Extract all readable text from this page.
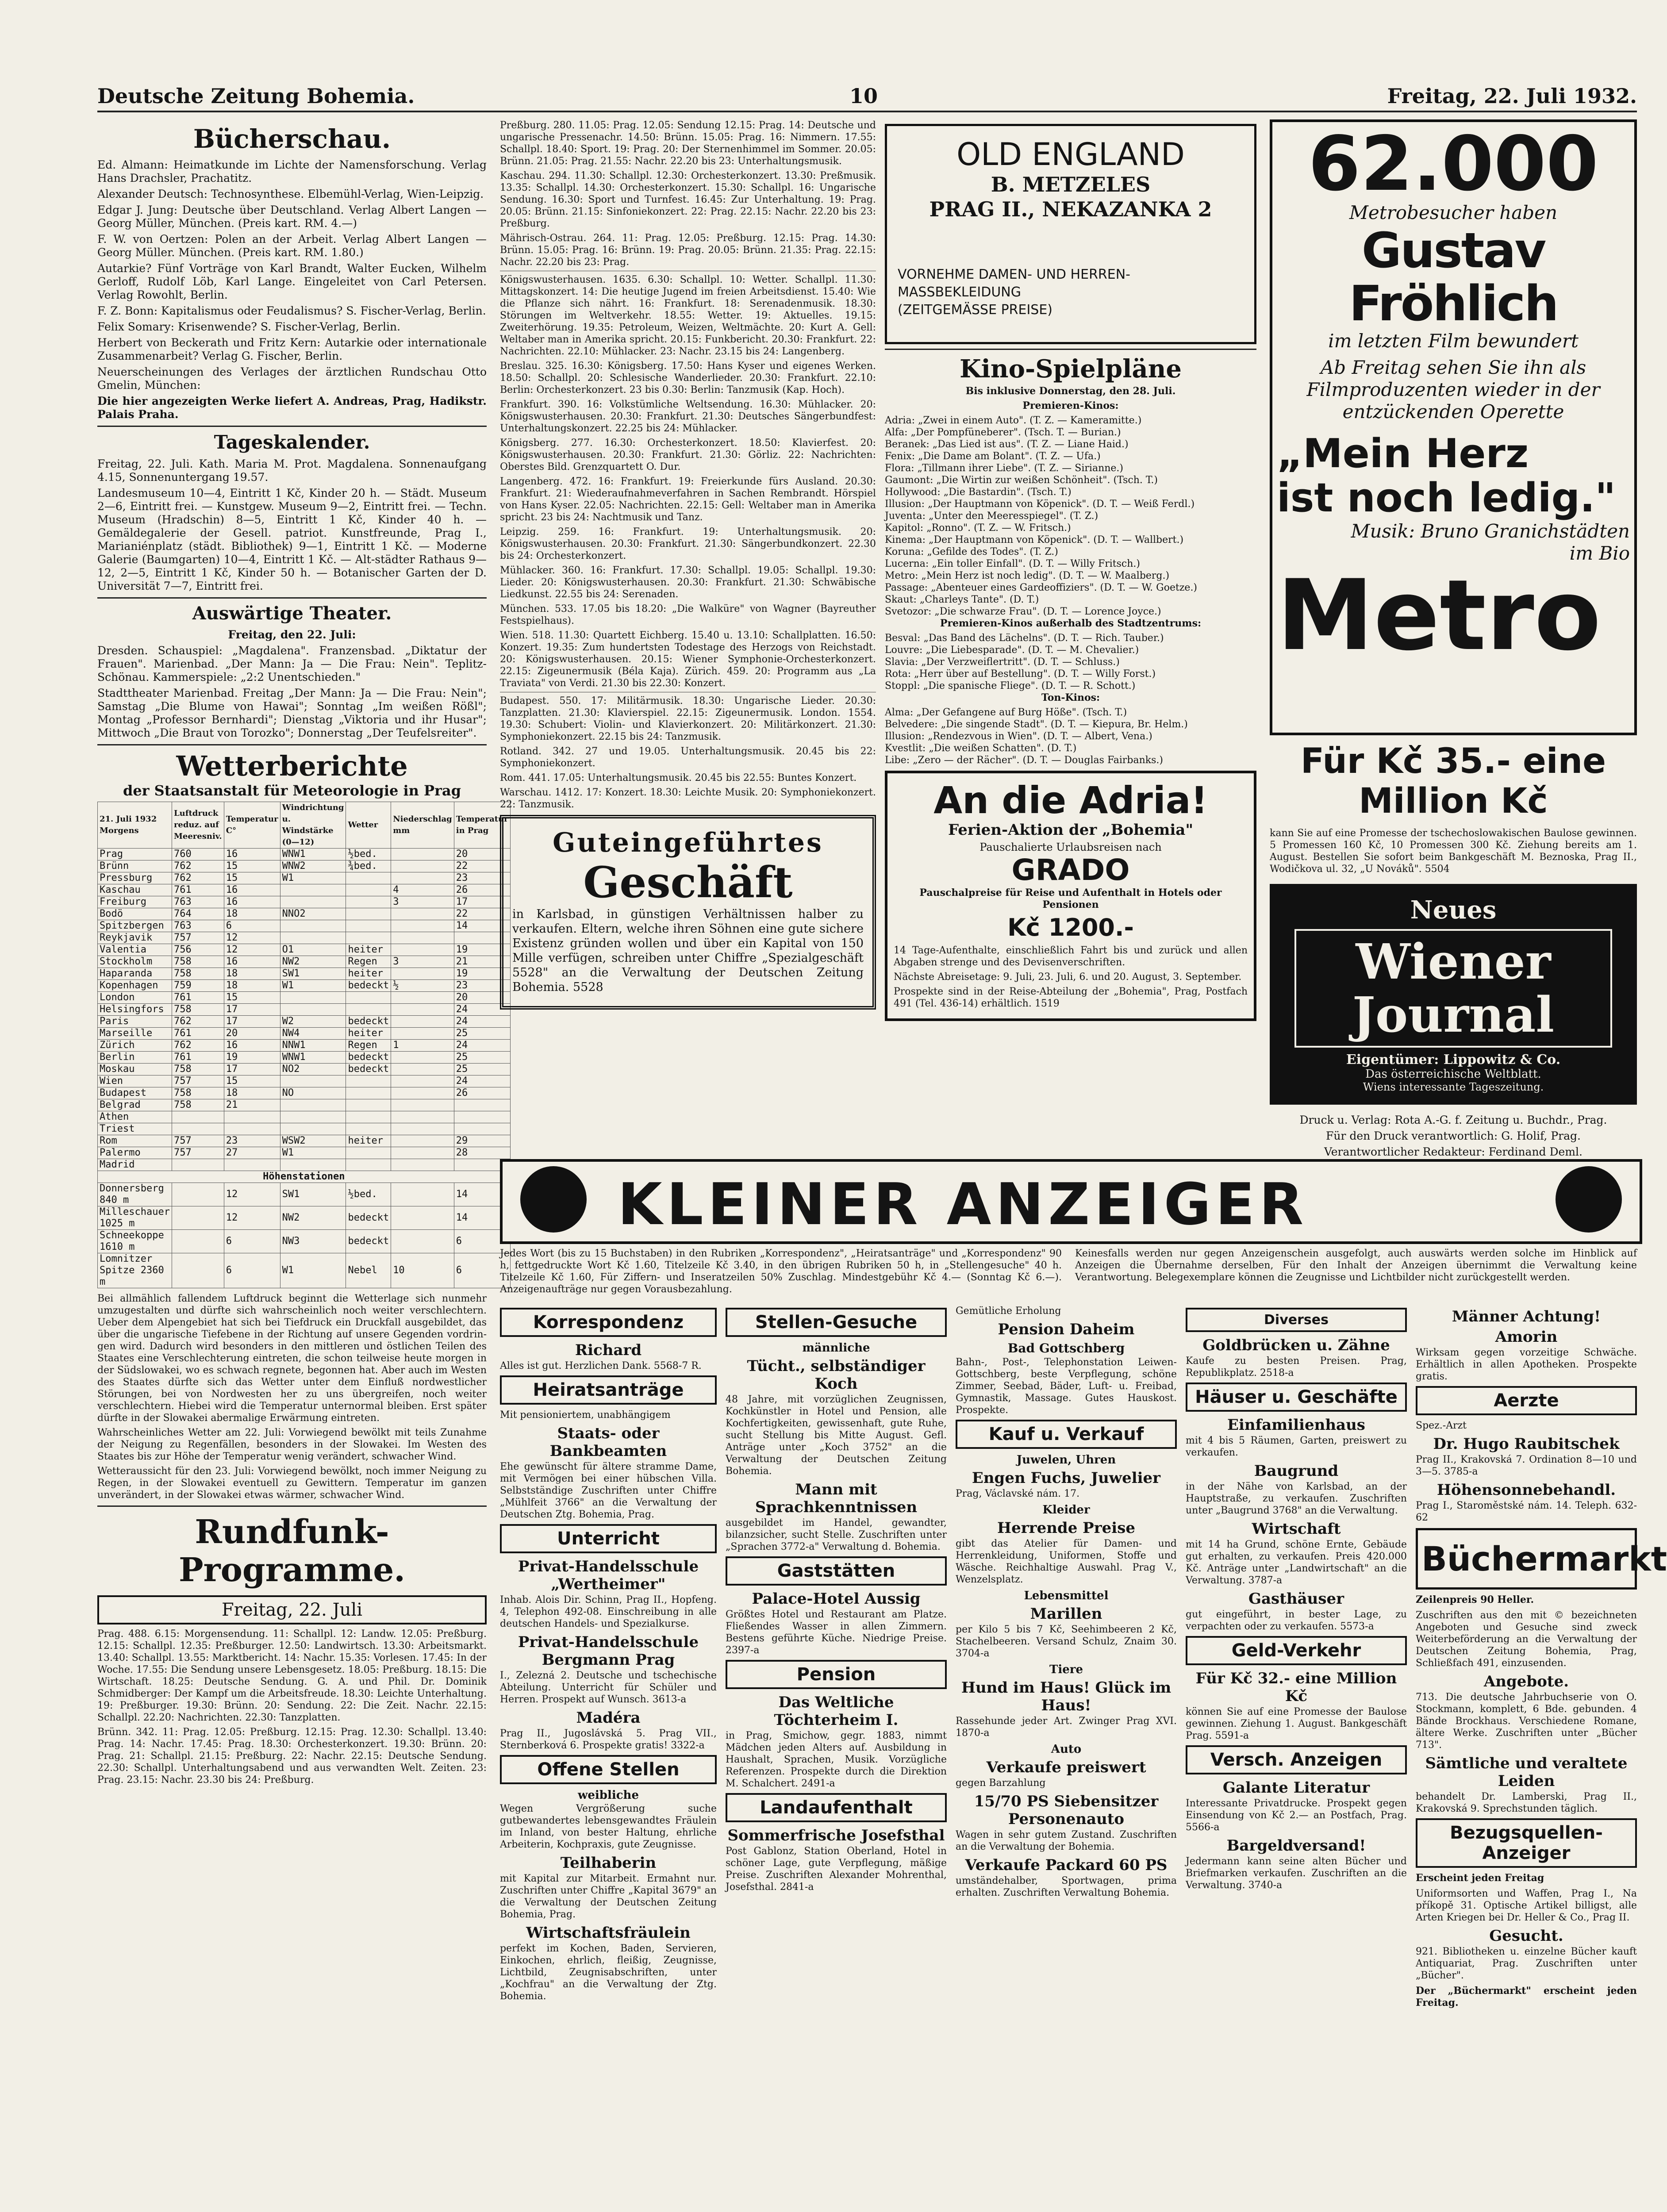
Deutsche Zeitung Bohemia.	10	Freitag, 22. Juli 1932.
Bücherschau.

Ed. Almann: Heimatkunde im Lichte der Namensforschung. Verlag Hans Drachsler, Prachatitz.

Alexander Deutsch: Technosynthese. Elbemühl-Verlag, Wien-Leipzig.

Edgar J. Jung: Deutsche über Deutschland. Verlag Albert Langen — Georg Müller, München. (Preis kart. RM. 4.—)

F. W. von Oertzen: Polen an der Arbeit. Verlag Albert Langen — Georg Müller. München. (Preis kart. RM. 1.80.)

Autarkie? Fünf Vorträge von Karl Brandt, Walter Eucken, Wilhelm Gerloff, Rudolf Löb, Karl Lange. Eingeleitet von Carl Petersen. Verlag Rowohlt, Berlin.

F. Z. Bonn: Kapitalismus oder Feudalismus? S. Fischer-Verlag, Berlin.

Felix Somary: Krisenwende? S. Fischer-Verlag, Berlin.

Herbert von Beckerath und Fritz Kern: Autarkie oder internationale Zusammenarbeit? Verlag G. Fischer, Berlin.

Neuerscheinungen des Verlages der ärztlichen Rundschau Otto Gmelin, München:

Die hier angezeigten Werke liefert A. Andreas, Prag, Hadikstr. Palais Praha.

Tageskalender.

Freitag, 22. Juli. Kath. Maria M. Prot. Magdalena. Sonnenaufgang 4.15, Sonnenuntergang 19.57.

Landesmuseum 10—4, Eintritt 1 Kč, Kinder 20 h. — Städt. Museum 2—6, Eintritt frei. — Kunstgew. Museum 9—2, Eintritt frei. — Techn. Museum (Hradschin) 8—5, Eintritt 1 Kč, Kinder 40 h. — Gemäldegalerie der Gesell. patriot. Kunstfreunde, Prag I., Marianiénplatz (städt. Bibliothek) 9—1, Eintritt 1 Kč. — Moderne Galerie (Baumgarten) 10—4, Eintritt 1 Kč. — Alt-städter Rathaus 9—12, 2—5, Eintritt 1 Kč, Kinder 50 h. — Botanischer Garten der D. Universität 7—7, Eintritt frei.

Auswärtige Theater.

Freitag, den 22. Juli:

Dresden. Schauspiel: „Magdalena". Franzensbad. „Diktatur der Frauen". Marienbad. „Der Mann: Ja — Die Frau: Nein". Teplitz-Schönau. Kammerspiele: „2:2 Unentschieden."

Stadttheater Marienbad. Freitag „Der Mann: Ja — Die Frau: Nein"; Samstag „Die Blume von Hawai"; Sonntag „Im weißen Rößl"; Montag „Professor Bernhardi"; Dienstag „Viktoria und ihr Husar"; Mittwoch „Die Braut von Torozko"; Donnerstag „Der Teufelsreiter".

Wetterberichte
der Staatsanstalt für Meteorologie in Prag
21. Juli 1932
Morgens	Luftdruck reduz. auf Meeresniv.	Temperatur C°	Windrichtung u. Windstärke (0—12)	Wetter	Niederschlag mm	Temperatur in Prag
Prag	760	16	WNW1	½bed.		20
Brünn	762	15	WNW2	¾bed.		22
Pressburg	762	15	W1			23
Kaschau	761	16			4	26
Freiburg	763	16			3	17
Bodö	764	18	NNO2			22
Spitzbergen	763	6				14
Reykjavik	757	12				
Valentia	756	12	O1	heiter		19
Stockholm	758	16	NW2	Regen	3	21
Haparanda	758	18	SW1	heiter		19
Kopenhagen	759	18	W1	bedeckt	½	23
London	761	15				20
Helsingfors	758	17				24
Paris	762	17	W2	bedeckt		24
Marseille	761	20	NW4	heiter		25
Zürich	762	16	NNW1	Regen	1	24
Berlin	761	19	WNW1	bedeckt		25
Moskau	758	17	NO2	bedeckt		25
Wien	757	15				24
Budapest	758	18	NO			26
Belgrad	758	21				
Athen						
Triest						
Rom	757	23	WSW2	heiter		29
Palermo	757	27	W1			28
Madrid						
Höhenstationen						
Donnersberg 840 m		12	SW1	½bed.		14
Milleschauer 1025 m		12	NW2	bedeckt		14
Schneekoppe 1610 m		6	NW3	bedeckt		6
Lomnitzer Spitze 2360 m		6	W1	Nebel	10	6

Bei allmählich fallendem Luftdruck beginnt die Wetterlage sich nunmehr umzugestalten und dürfte sich wahrscheinlich noch weiter verschlechtern. Ueber dem Alpengebiet hat sich bei Tiefdruck ein Druckfall ausgebildet, das über die ungarische Tiefebene in der Richtung auf unsere Gegenden vordringen wird. Dadurch wird besonders in den mittleren und östlichen Teilen des Staates eine Verschlechterung eintreten, die schon teilweise heute morgen in der Südslowakei, wo es schwach regnete, begonnen hat. Aber auch im Westen des Staates dürfte sich das Wetter unter dem Einfluß nordwestlicher Störungen, bei von Nordwesten her zu uns übergreifen, noch weiter verschlechtern. Hiebei wird die Temperatur unternormal bleiben. Erst später dürfte in der Slowakei abermalige Erwärmung eintreten.

Wahrscheinliches Wetter am 22. Juli: Vorwiegend bewölkt mit teils Zunahme der Neigung zu Regenfällen, besonders in der Slowakei. Im Westen des Staates bis zur Höhe der Temperatur wenig verändert, schwacher Wind.

Wetteraussicht für den 23. Juli: Vorwiegend bewölkt, noch immer Neigung zu Regen, in der Slowakei eventuell zu Gewittern. Temperatur im ganzen unverändert, in der Slowakei etwas wärmer, schwacher Wind.

Rundfunk-Programme.
Freitag, 22. Juli

Prag. 488. 6.15: Morgensendung. 11: Schallpl. 12: Landw. 12.05: Preßburg. 12.15: Schallpl. 12.35: Preßburger. 12.50: Landwirtsch. 13.30: Arbeitsmarkt. 13.40: Schallpl. 13.55: Marktbericht. 14: Nachr. 15.35: Vorlesen. 17.45: In der Woche. 17.55: Die Sendung unsere Lebensgesetz. 18.05: Preßburg. 18.15: Die Wirtschaft. 18.25: Deutsche Sendung. G. A. und Phil. Dr. Dominik Schmidberger: Der Kampf um die Arbeitsfreude. 18.30: Leichte Unterhaltung. 19: Preßburger. 19.30: Brünn. 20: Sendung. 22: Die Zeit. Nachr. 22.15: Schallpl. 22.20: Nachrichten. 22.30: Tanzplatten.

Brünn. 342. 11: Prag. 12.05: Preßburg. 12.15: Prag. 12.30: Schallpl. 13.40: Prag. 14: Nachr. 17.45: Prag. 18.30: Orchesterkonzert. 19.30: Brünn. 20: Prag. 21: Schallpl. 21.15: Preßburg. 22: Nachr. 22.15: Deutsche Sendung. 22.30: Schallpl. Unterhaltungsabend und aus verwandten Welt. Zeiten. 23: Prag. 23.15: Nachr. 23.30 bis 24: Preßburg.

Preßburg. 280. 11.05: Prag. 12.05: Sendung 12.15: Prag. 14: Deutsche und ungarische Pressenachr. 14.50: Brünn. 15.05: Prag. 16: Nimmern. 17.55: Schallpl. 18.40: Sport. 19: Prag. 20: Der Sternenhimmel im Sommer. 20.05: Brünn. 21.05: Prag. 21.55: Nachr. 22.20 bis 23: Unterhaltungsmusik.

Kaschau. 294. 11.30: Schallpl. 12.30: Orchesterkonzert. 13.30: Preßmusik. 13.35: Schallpl. 14.30: Orchesterkonzert. 15.30: Schallpl. 16: Ungarische Sendung. 16.30: Sport und Turnfest. 16.45: Zur Unterhaltung. 19: Prag. 20.05: Brünn. 21.15: Sinfoniekonzert. 22: Prag. 22.15: Nachr. 22.20 bis 23: Preßburg.

Mährisch-Ostrau. 264. 11: Prag. 12.05: Preßburg. 12.15: Prag. 14.30: Brünn. 15.05: Prag. 16: Brünn. 19: Prag. 20.05: Brünn. 21.35: Prag. 22.15: Nachr. 22.20 bis 23: Prag.

Königswusterhausen. 1635. 6.30: Schallpl. 10: Wetter. Schallpl. 11.30: Mittagskonzert. 14: Die heutige Jugend im freien Arbeitsdienst. 15.40: Wie die Pflanze sich nährt. 16: Frankfurt. 18: Serenadenmusik. 18.30: Störungen im Weltverkehr. 18.55: Wetter. 19: Aktuelles. 19.15: Zweiterhörung. 19.35: Petroleum, Weizen, Weltmächte. 20: Kurt A. Gell: Weltaber man in Amerika spricht. 20.15: Funkbericht. 20.30: Frankfurt. 22: Nachrichten. 22.10: Mühlacker. 23: Nachr. 23.15 bis 24: Langenberg.

Breslau. 325. 16.30: Königsberg. 17.50: Hans Kyser und eigenes Werken. 18.50: Schallpl. 20: Schlesische Wanderlieder. 20.30: Frankfurt. 22.10: Berlin: Orchesterkonzert. 23 bis 0.30: Berlin: Tanzmusik (Kap. Hoch).

Frankfurt. 390. 16: Volkstümliche Weltsendung. 16.30: Mühlacker. 20: Königswusterhausen. 20.30: Frankfurt. 21.30: Deutsches Sängerbundfest: Unterhaltungskonzert. 22.25 bis 24: Mühlacker.

Königsberg. 277. 16.30: Orchesterkonzert. 18.50: Klavierfest. 20: Königswusterhausen. 20.30: Frankfurt. 21.30: Görliz. 22: Nachrichten: Oberstes Bild. Grenzquartett O. Dur.

Langenberg. 472. 16: Frankfurt. 19: Freierkunde fürs Ausland. 20.30: Frankfurt. 21: Wiederaufnahmeverfahren in Sachen Rembrandt. Hörspiel von Hans Kyser. 22.05: Nachrichten. 22.15: Gell: Weltaber man in Amerika spricht. 23 bis 24: Nachtmusik und Tanz.

Leipzig. 259. 16: Frankfurt. 19: Unterhaltungsmusik. 20: Königswusterhausen. 20.30: Frankfurt. 21.30: Sängerbundkonzert. 22.30 bis 24: Orchesterkonzert.

Mühlacker. 360. 16: Frankfurt. 17.30: Schallpl. 19.05: Schallpl. 19.30: Lieder. 20: Königswusterhausen. 20.30: Frankfurt. 21.30: Schwäbische Liedkunst. 22.55 bis 24: Serenaden.

München. 533. 17.05 bis 18.20: „Die Walküre" von Wagner (Bayreuther Festspielhaus).

Wien. 518. 11.30: Quartett Eichberg. 15.40 u. 13.10: Schallplatten. 16.50: Konzert. 19.35: Zum hundertsten Todestage des Herzogs von Reichstadt. 20: Königswusterhausen. 20.15: Wiener Symphonie-Orchesterkonzert. 22.15: Zigeunermusik (Béla Kaja). Zürich. 459. 20: Programm aus „La Traviata" von Verdi. 21.30 bis 22.30: Konzert.

Budapest. 550. 17: Militärmusik. 18.30: Ungarische Lieder. 20.30: Tanzplatten. 21.30: Klavierspiel. 22.15: Zigeunermusik. London. 1554. 19.30: Schubert: Violin- und Klavierkonzert. 20: Militärkonzert. 21.30: Symphoniekonzert. 22.15 bis 24: Tanzmusik.

Rotland. 342. 27 und 19.05. Unterhaltungsmusik. 20.45 bis 22: Symphoniekonzert.

Rom. 441. 17.05: Unterhaltungsmusik. 20.45 bis 22.55: Buntes Konzert.

Warschau. 1412. 17: Konzert. 18.30: Leichte Musik. 20: Symphoniekonzert. 22: Tanzmusik.

Guteingeführtes
Geschäft

in Karlsbad, in günstigen Verhältnissen halber zu verkaufen. Eltern, welche ihren Söhnen eine gute sichere Existenz gründen wollen und über ein Kapital von 150 Mille verfügen, schreiben unter Chiffre „Spezialgeschäft 5528" an die Verwaltung der Deutschen Zeitung Bohemia. 5528

OLD ENGLAND
B. METZELES
PRAG II., NEKAZANKA 2
VORNEHME DAMEN- UND HERREN-MASSBEKLEIDUNG
(ZEITGEMÄSSE PREISE)
Kino-Spielpläne

Bis inklusive Donnerstag, den 28. Juli.

Premieren-Kinos:

Adria: „Zwei in einem Auto". (T. Z. — Kameramitte.)

Alfa: „Der Pompfüneberer". (Tsch. T. — Burian.)

Beranek: „Das Lied ist aus". (T. Z. — Liane Haid.)

Fenix: „Die Dame am Bolant". (T. Z. — Ufa.)

Flora: „Tillmann ihrer Liebe". (T. Z. — Sirianne.)

Gaumont: „Die Wirtin zur weißen Schönheit". (Tsch. T.)

Hollywood: „Die Bastardin". (Tsch. T.)

Illusion: „Der Hauptmann von Köpenick". (D. T. — Weiß Ferdl.)

Juventa: „Unter den Meeresspiegel". (T. Z.)

Kapitol: „Ronno". (T. Z. — W. Fritsch.)

Kinema: „Der Hauptmann von Köpenick". (D. T. — Wallbert.)

Koruna: „Gefilde des Todes". (T. Z.)

Lucerna: „Ein toller Einfall". (D. T. — Willy Fritsch.)

Metro: „Mein Herz ist noch ledig". (D. T. — W. Maalberg.)

Passage: „Abenteuer eines Gardeoffiziers". (D. T. — W. Goetze.)

Skaut: „Charleys Tante". (D. T.)

Svetozor: „Die schwarze Frau". (D. T. — Lorence Joyce.)

Premieren-Kinos außerhalb des Stadtzentrums:

Besval: „Das Band des Lächelns". (D. T. — Rich. Tauber.)

Louvre: „Die Liebesparade". (D. T. — M. Chevalier.)

Slavia: „Der Verzweiflertritt". (D. T. — Schluss.)

Rota: „Herr über auf Bestellung". (D. T. — Willy Forst.)

Stoppl: „Die spanische Fliege". (D. T. — R. Schott.)

Ton-Kinos:

Alma: „Der Gefangene auf Burg Höße". (Tsch. T.)

Belvedere: „Die singende Stadt". (D. T. — Kiepura, Br. Helm.)

Illusion: „Rendezvous in Wien". (D. T. — Albert, Vena.)

Kvestlit: „Die weißen Schatten". (D. T.)

Libe: „Zero — der Rächer". (D. T. — Douglas Fairbanks.)

An die Adria!
Ferien-Aktion der „Bohemia"
Pauschalierte Urlaubsreisen nach
GRADO
Pauschalpreise für Reise und Aufenthalt in Hotels oder Pensionen
Kč 1200.-

14 Tage-Aufenthalte, einschließlich Fahrt bis und zurück und allen Abgaben strenge und des Devisenverschriften.

Nächste Abreisetage: 9. Juli, 23. Juli, 6. und 20. August, 3. September.

Prospekte sind in der Reise-Abteilung der „Bohemia", Prag, Postfach 491 (Tel. 436-14) erhältlich. 1519

62.000
Metrobesucher haben
Gustav Fröhlich
im letzten Film bewundert
Ab Freitag sehen Sie ihn als Filmproduzenten wieder in der entzückenden Operette
„Mein Herz
ist noch ledig."
Musik: Bruno Granichstädten
im Bio
Metro
Für Kč 35.- eine Million Kč

kann Sie auf eine Promesse der tschechoslowakischen Baulose gewinnen. 5 Promessen 160 Kč, 10 Promessen 300 Kč. Ziehung bereits am 1. August. Bestellen Sie sofort beim Bankgeschäft M. Beznoska, Prag II., Wodičkova ul. 32, „U Nováků". 5504

Neues
Wiener Journal
Eigentümer: Lippowitz & Co.
Das österreichische Weltblatt.
Wiens interessante Tageszeitung.

Druck u. Verlag: Rota A.-G. f. Zeitung u. Buchdr., Prag.

Für den Druck verantwortlich: G. Holif, Prag.

Verantwortlicher Redakteur: Ferdinand Deml.

KLEINER ANZEIGER

Jedes Wort (bis zu 15 Buchstaben) in den Rubriken „Korrespondenz", „Heiratsanträge" und „Korrespondenz" 90 h, fettgedruckte Wort Kč 1.60, Titelzeile Kč 3.40, in den übrigen Rubriken 50 h, in „Stellengesuche" 40 h. Titelzeile Kč 1.60, Für Ziffern- und Inseratzeilen 50% Zuschlag. Mindestgebühr Kč 4.— (Sonntag Kč 6.—). Anzeigenaufträge nur gegen Vorausbezahlung.

Keinesfalls werden nur gegen Anzeigenschein ausgefolgt, auch auswärts werden solche im Hinblick auf Anzeigen die Übernahme derselben, Für den Inhalt der Anzeigen übernimmt die Verwaltung keine Verantwortung. Belegexemplare können die Zeugnisse und Lichtbilder nicht zurückgestellt werden.

Korrespondenz
Richard

Alles ist gut. Herzlichen Dank. 5568-7 R.

Heiratsanträge

Mit pensioniertem, unabhängigem

Staats- oder Bankbeamten

Ehe gewünscht für ältere stramme Dame, mit Vermögen bei einer hübschen Villa. Selbstständige Zuschriften unter Chiffre „Mühlfeit 3766" an die Verwaltung der Deutschen Ztg. Bohemia, Prag.

Unterricht
Privat-Handelsschule „Wertheimer"

Inhab. Alois Dir. Schinn, Prag II., Hopfeng. 4, Telephon 492-08. Einschreibung in alle deutschen Handels- und Spezialkurse.

Privat-Handelsschule Bergmann Prag

I., Zelezná 2. Deutsche und tschechische Abteilung. Unterricht für Schüler und Herren. Prospekt auf Wunsch. 3613-a

Madéra

Prag II., Jugoslávská 5. Prag VII., Sternberková 6. Prospekte gratis! 3322-a

Offene Stellen
weibliche

Wegen Vergrößerung suche gutbewandertes lebensgewandtes Fräulein im Inland, von bester Haltung, ehrliche Arbeiterin, Kochpraxis, gute Zeugnisse.

Teilhaberin

mit Kapital zur Mitarbeit. Ermahnt nur. Zuschriften unter Chiffre „Kapital 3679" an die Verwaltung der Deutschen Zeitung Bohemia, Prag.

Wirtschaftsfräulein

perfekt im Kochen, Baden, Servieren, Einkochen, ehrlich, fleißig, Zeugnisse, Lichtbild, Zeugnisabschriften, unter „Kochfrau" an die Verwaltung der Ztg. Bohemia.

Stellen-Gesuche
männliche
Tücht., selbständiger Koch

48 Jahre, mit vorzüglichen Zeugnissen, Kochkünstler in Hotel und Pension, alle Kochfertigkeiten, gewissenhaft, gute Ruhe, sucht Stellung bis Mitte August. Gefl. Anträge unter „Koch 3752" an die Verwaltung der Deutschen Zeitung Bohemia.

Mann mit Sprachkenntnissen

ausgebildet im Handel, gewandter, bilanzsicher, sucht Stelle. Zuschriften unter „Sprachen 3772-a" Verwaltung d. Bohemia.

Gaststätten
Palace-Hotel Aussig

Größtes Hotel und Restaurant am Platze. Fließendes Wasser in allen Zimmern. Bestens geführte Küche. Niedrige Preise. 2397-a

Pension
Das Weltliche Töchterheim I.

in Prag, Smichow, gegr. 1883, nimmt Mädchen jeden Alters auf. Ausbildung in Haushalt, Sprachen, Musik. Vorzügliche Referenzen. Prospekte durch die Direktion M. Schalchert. 2491-a

Landaufenthalt
Sommerfrische Josefsthal

Post Gablonz, Station Oberland, Hotel in schöner Lage, gute Verpflegung, mäßige Preise. Zuschriften Alexander Mohrenthal, Josefsthal. 2841-a

Gemütliche Erholung

Pension Daheim
Bad Gottschberg

Bahn-, Post-, Telephonstation Leiwen-Gottschberg, beste Verpflegung, schöne Zimmer, Seebad, Bäder, Luft- u. Freibad, Gymnastik, Massage. Gutes Hauskost. Prospekte.

Kauf u. Verkauf
Juwelen, Uhren
Engen Fuchs, Juwelier

Prag, Václavské nám. 17.

Kleider
Herrende Preise

gibt das Atelier für Damen- und Herrenkleidung, Uniformen, Stoffe und Wäsche. Reichhaltige Auswahl. Prag V., Wenzelsplatz.

Lebensmittel
Marillen

per Kilo 5 bis 7 Kč, Seehimbeeren 2 Kč, Stachelbeeren. Versand Schulz, Znaim 30. 3704-a

Tiere
Hund im Haus! Glück im Haus!

Rassehunde jeder Art. Zwinger Prag XVI. 1870-a

Auto
Verkaufe preiswert

gegen Barzahlung

15/70 PS Siebensitzer Personenauto

Wagen in sehr gutem Zustand. Zuschriften an die Verwaltung der Bohemia.

Verkaufe Packard 60 PS

umständehalber, Sportwagen, prima erhalten. Zuschriften Verwaltung Bohemia.

Diverses
Goldbrücken u. Zähne

Kaufe zu besten Preisen. Prag, Republikplatz. 2518-a

Häuser u. Geschäfte
Einfamilienhaus

mit 4 bis 5 Räumen, Garten, preiswert zu verkaufen.

Baugrund

in der Nähe von Karlsbad, an der Hauptstraße, zu verkaufen. Zuschriften unter „Baugrund 3768" an die Verwaltung.

Wirtschaft

mit 14 ha Grund, schöne Ernte, Gebäude gut erhalten, zu verkaufen. Preis 420.000 Kč. Anträge unter „Landwirtschaft" an die Verwaltung. 3787-a

Gasthäuser

gut eingeführt, in bester Lage, zu verpachten oder zu verkaufen. 5573-a

Geld-Verkehr
Für Kč 32.- eine Million Kč

können Sie auf eine Promesse der Baulose gewinnen. Ziehung 1. August. Bankgeschäft Prag. 5591-a

Versch. Anzeigen
Galante Literatur

Interessante Privatdrucke. Prospekt gegen Einsendung von Kč 2.— an Postfach, Prag. 5566-a

Bargeldversand!

Jedermann kann seine alten Bücher und Briefmarken verkaufen. Zuschriften an die Verwaltung. 3740-a

Männer Achtung!
Amorin

Wirksam gegen vorzeitige Schwäche. Erhältlich in allen Apotheken. Prospekte gratis.

Aerzte

Spez.-Arzt

Dr. Hugo Raubitschek

Prag II., Krakovská 7. Ordination 8—10 und 3—5. 3785-a

Höhensonnebehandl.

Prag I., Staroměstské nám. 14. Teleph. 632-62

Büchermarkt

Zeilenpreis 90 Heller.

Zuschriften aus den mit © bezeichneten Angeboten und Gesuche sind zweck Weiterbeförderung an die Verwaltung der Deutschen Zeitung Bohemia, Prag, Schließfach 491, einzusenden.

Angebote.

713. Die deutsche Jahrbuchserie von O. Stockmann, komplett, 6 Bde. gebunden. 4 Bände Brockhaus. Verschiedene Romane, ältere Werke. Zuschriften unter „Bücher 713".

Sämtliche und veraltete Leiden

behandelt Dr. Lamberski, Prag II., Krakovská 9. Sprechstunden täglich.

Bezugsquellen-Anzeiger

Erscheint jeden Freitag

Uniformsorten und Waffen, Prag I., Na příkopě 31. Optische Artikel billigst, alle Arten Kriegen bei Dr. Heller & Co., Prag II.

Gesucht.

921. Bibliotheken u. einzelne Bücher kauft Antiquariat, Prag. Zuschriften unter „Bücher".

Der „Büchermarkt" erscheint jeden Freitag.
